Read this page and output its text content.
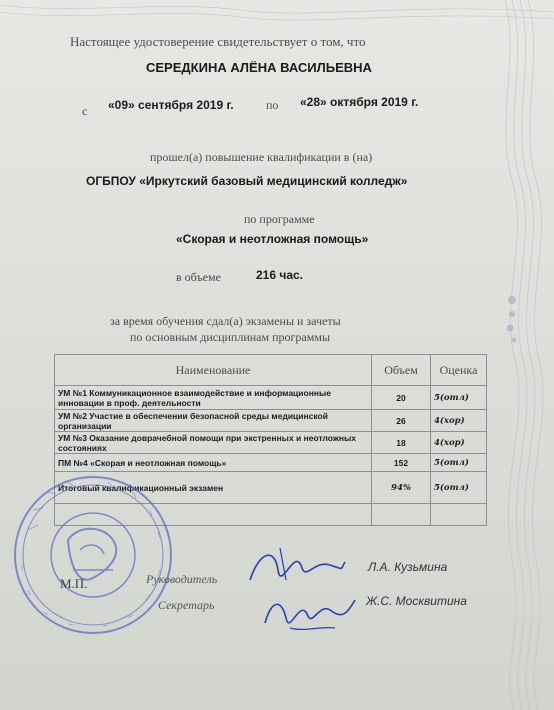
Настоящее удостоверение свидетельствует о том, что
СЕРЕДКИНА АЛЁНА ВАСИЛЬЕВНА
с «09» сентября 2019 г.	по «28» октября 2019 г.
прошел(а) повышение квалификации в (на)
ОГБПОУ «Иркутский базовый медицинский колледж»
по программе
«Скорая и неотложная помощь»
в объеме	216 час.
за время обучения сдал(а) экзамены и зачеты
по основным дисциплинам программы
Наименование	Объем	Оценка
УМ №1 Коммуникационное взаимодействие и информационные инновации в проф. деятельности	20	5(отл)
УМ №2 Участие в обеспечении безопасной среды медицинской организации	26	4(хор)
УМ №3 Оказание доврачебной помощи при экстренных и неотложных состояниях	18	4(хор)
ПМ №4 «Скорая и неотложная помощь»	152	5(отл)
Итоговый квалификационный экзамен	94%	5(отл)

М.П.	Руководитель
Л.А. Кузьмина
Секретарь	Ж.С. Москвитина
